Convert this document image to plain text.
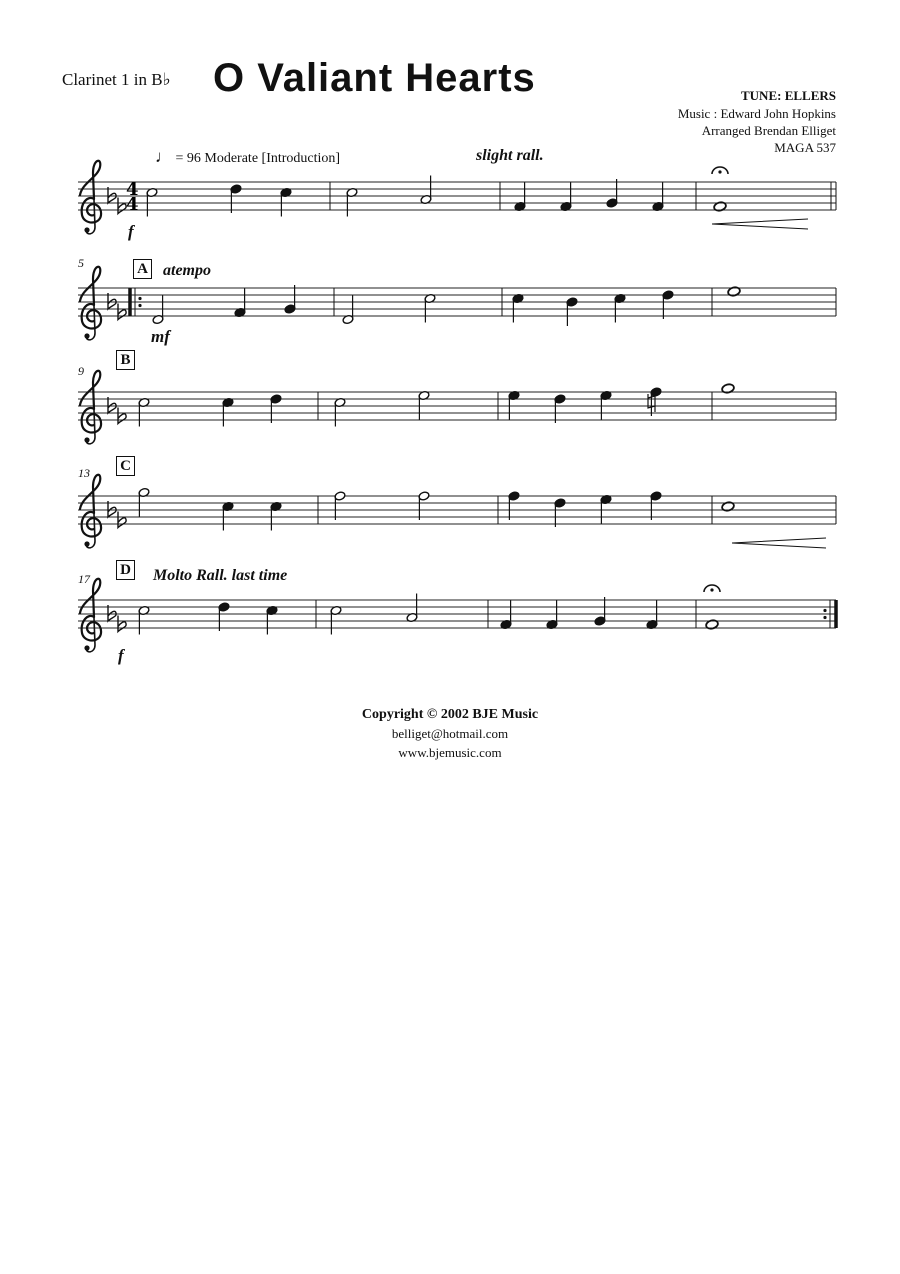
Clarinet 1 in B♭ O Valiant Hearts	TUNE: ELLERS
Music : Edward John Hopkins
Arranged Brendan Elliget
MAGA 537
♩ = 96 Moderate [Introduction]	slight rall.
atempo
Molto Rall. last time
f
mf
f
A
B
C
D
5
9
13
17
4
4
Copyright © 2002 BJE Music
belliget@hotmail.com
www.bjemusic.com
